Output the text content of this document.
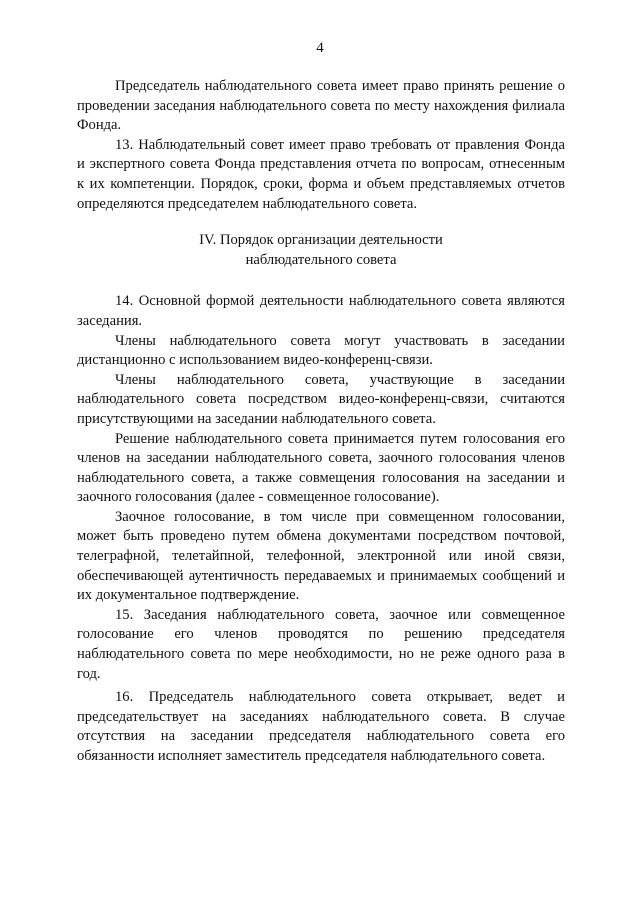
4

Председатель наблюдательного совета имеет право принять решение о проведении заседания наблюдательного совета по месту нахождения филиала Фонда.

13. Наблюдательный совет имеет право требовать от правления Фонда и экспертного совета Фонда представления отчета по вопросам, отнесенным к их компетенции. Порядок, сроки, форма и объем представляемых отчетов определяются председателем наблюдательного совета.

IV. Порядок организации деятельности
наблюдательного совета

14. Основной формой деятельности наблюдательного совета являются заседания.

Члены наблюдательного совета могут участвовать в заседании дистанционно с использованием видео-конференц-связи.

Члены наблюдательного совета, участвующие в заседании наблюдательного совета посредством видео-конференц-связи, считаются присутствующими на заседании наблюдательного совета.

Решение наблюдательного совета принимается путем голосования его членов на заседании наблюдательного совета, заочного голосования членов наблюдательного совета, а также совмещения голосования на заседании и заочного голосования (далее - совмещенное голосование).

Заочное голосование, в том числе при совмещенном голосовании, может быть проведено путем обмена документами посредством почтовой, телеграфной, телетайпной, телефонной, электронной или иной связи, обеспечивающей аутентичность передаваемых и принимаемых сообщений и их документальное подтверждение.

15. Заседания наблюдательного совета, заочное или совмещенное голосование его членов проводятся по решению председателя наблюдательного совета по мере необходимости, но не реже одного раза в год.

16. Председатель наблюдательного совета открывает, ведет и председательствует на заседаниях наблюдательного совета. В случае отсутствия на заседании председателя наблюдательного совета его обязанности исполняет заместитель председателя наблюдательного совета.
